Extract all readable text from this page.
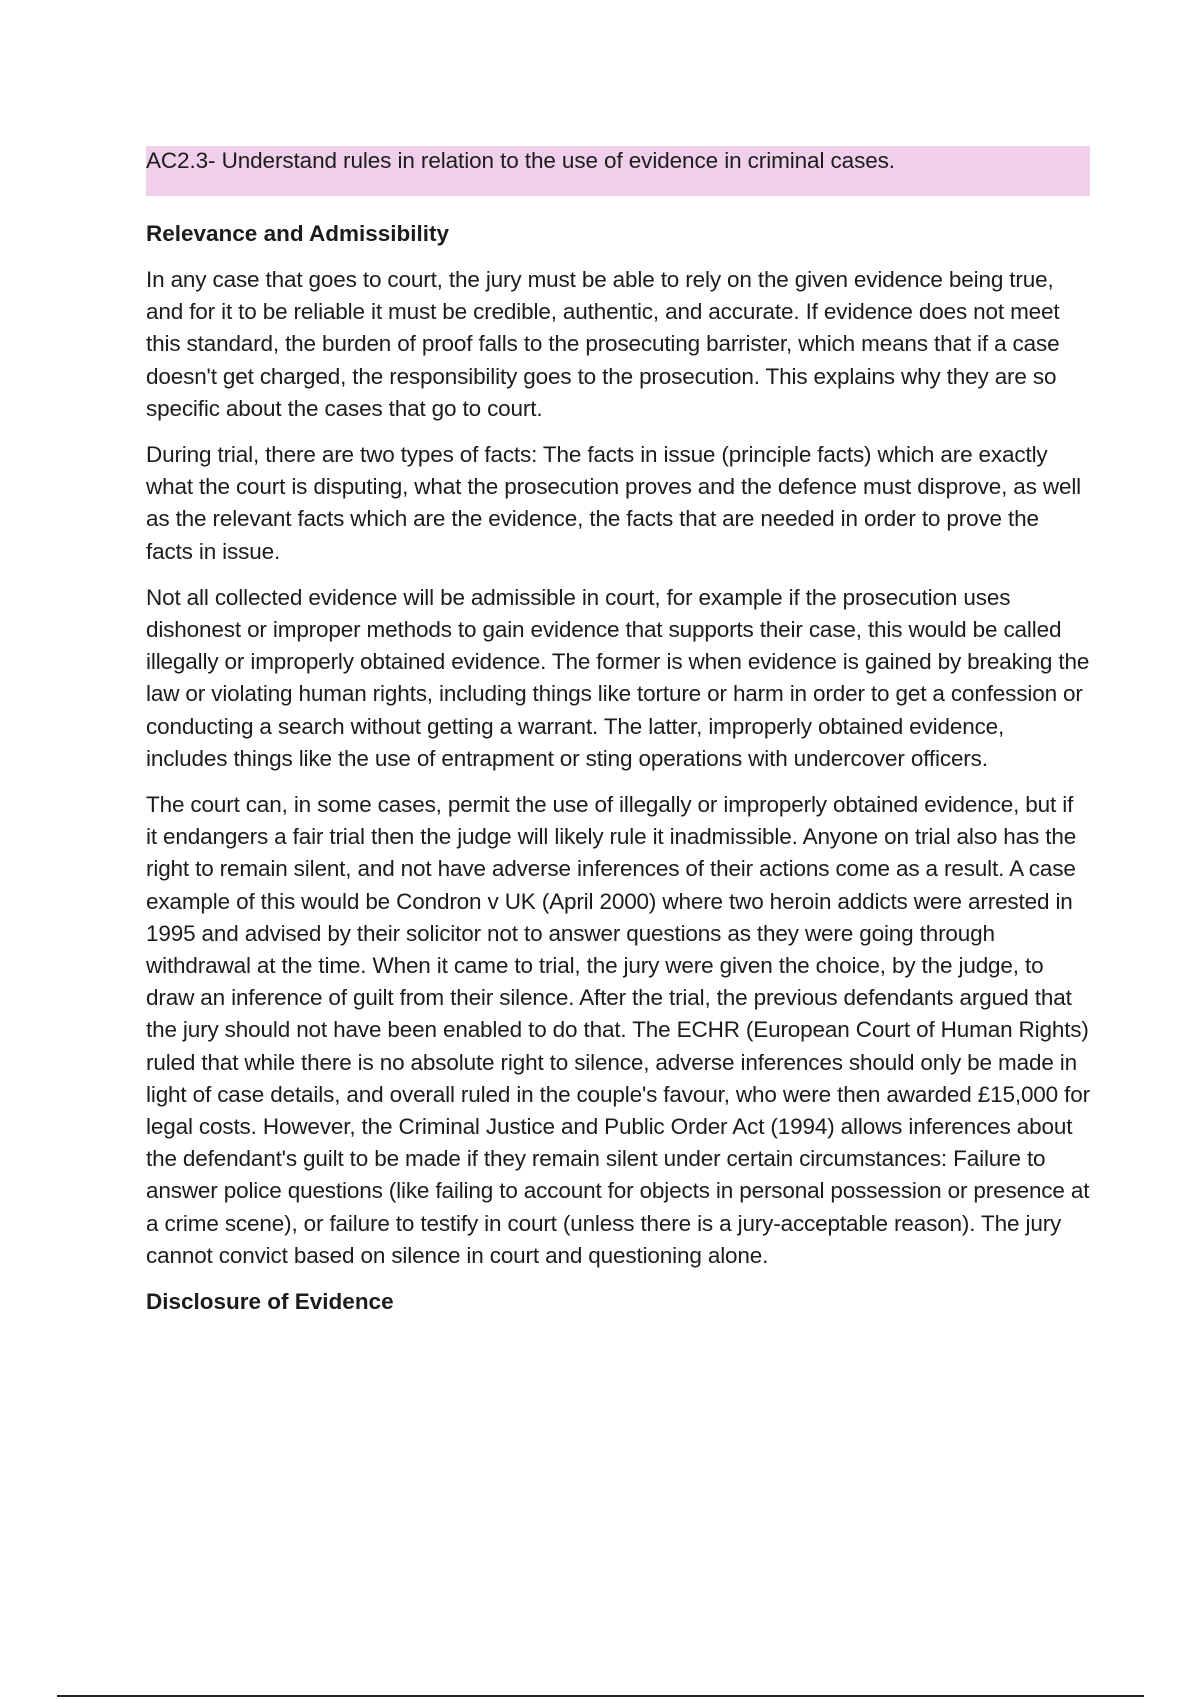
AC2.3- Understand rules in relation to the use of evidence in criminal cases.
Relevance and Admissibility

In any case that goes to court, the jury must be able to rely on the given evidence being true, and for it to be reliable it must be credible, authentic, and accurate. If evidence does not meet this standard, the burden of proof falls to the prosecuting barrister, which means that if a case doesn't get charged, the responsibility goes to the prosecution. This explains why they are so specific about the cases that go to court.

During trial, there are two types of facts: The facts in issue (principle facts) which are exactly what the court is disputing, what the prosecution proves and the defence must disprove, as well as the relevant facts which are the evidence, the facts that are needed in order to prove the facts in issue.

Not all collected evidence will be admissible in court, for example if the prosecution uses dishonest or improper methods to gain evidence that supports their case, this would be called illegally or improperly obtained evidence. The former is when evidence is gained by breaking the law or violating human rights, including things like torture or harm in order to get a confession or conducting a search without getting a warrant. The latter, improperly obtained evidence, includes things like the use of entrapment or sting operations with undercover officers.

The court can, in some cases, permit the use of illegally or improperly obtained evidence, but if it endangers a fair trial then the judge will likely rule it inadmissible. Anyone on trial also has the right to remain silent, and not have adverse inferences of their actions come as a result. A case example of this would be Condron v UK (April 2000) where two heroin addicts were arrested in 1995 and advised by their solicitor not to answer questions as they were going through withdrawal at the time. When it came to trial, the jury were given the choice, by the judge, to draw an inference of guilt from their silence. After the trial, the previous defendants argued that the jury should not have been enabled to do that. The ECHR (European Court of Human Rights) ruled that while there is no absolute right to silence, adverse inferences should only be made in light of case details, and overall ruled in the couple's favour, who were then awarded £15,000 for legal costs. However, the Criminal Justice and Public Order Act (1994) allows inferences about the defendant's guilt to be made if they remain silent under certain circumstances: Failure to answer police questions (like failing to account for objects in personal possession or presence at a crime scene), or failure to testify in court (unless there is a jury-acceptable reason). The jury cannot convict based on silence in court and questioning alone.

Disclosure of Evidence
